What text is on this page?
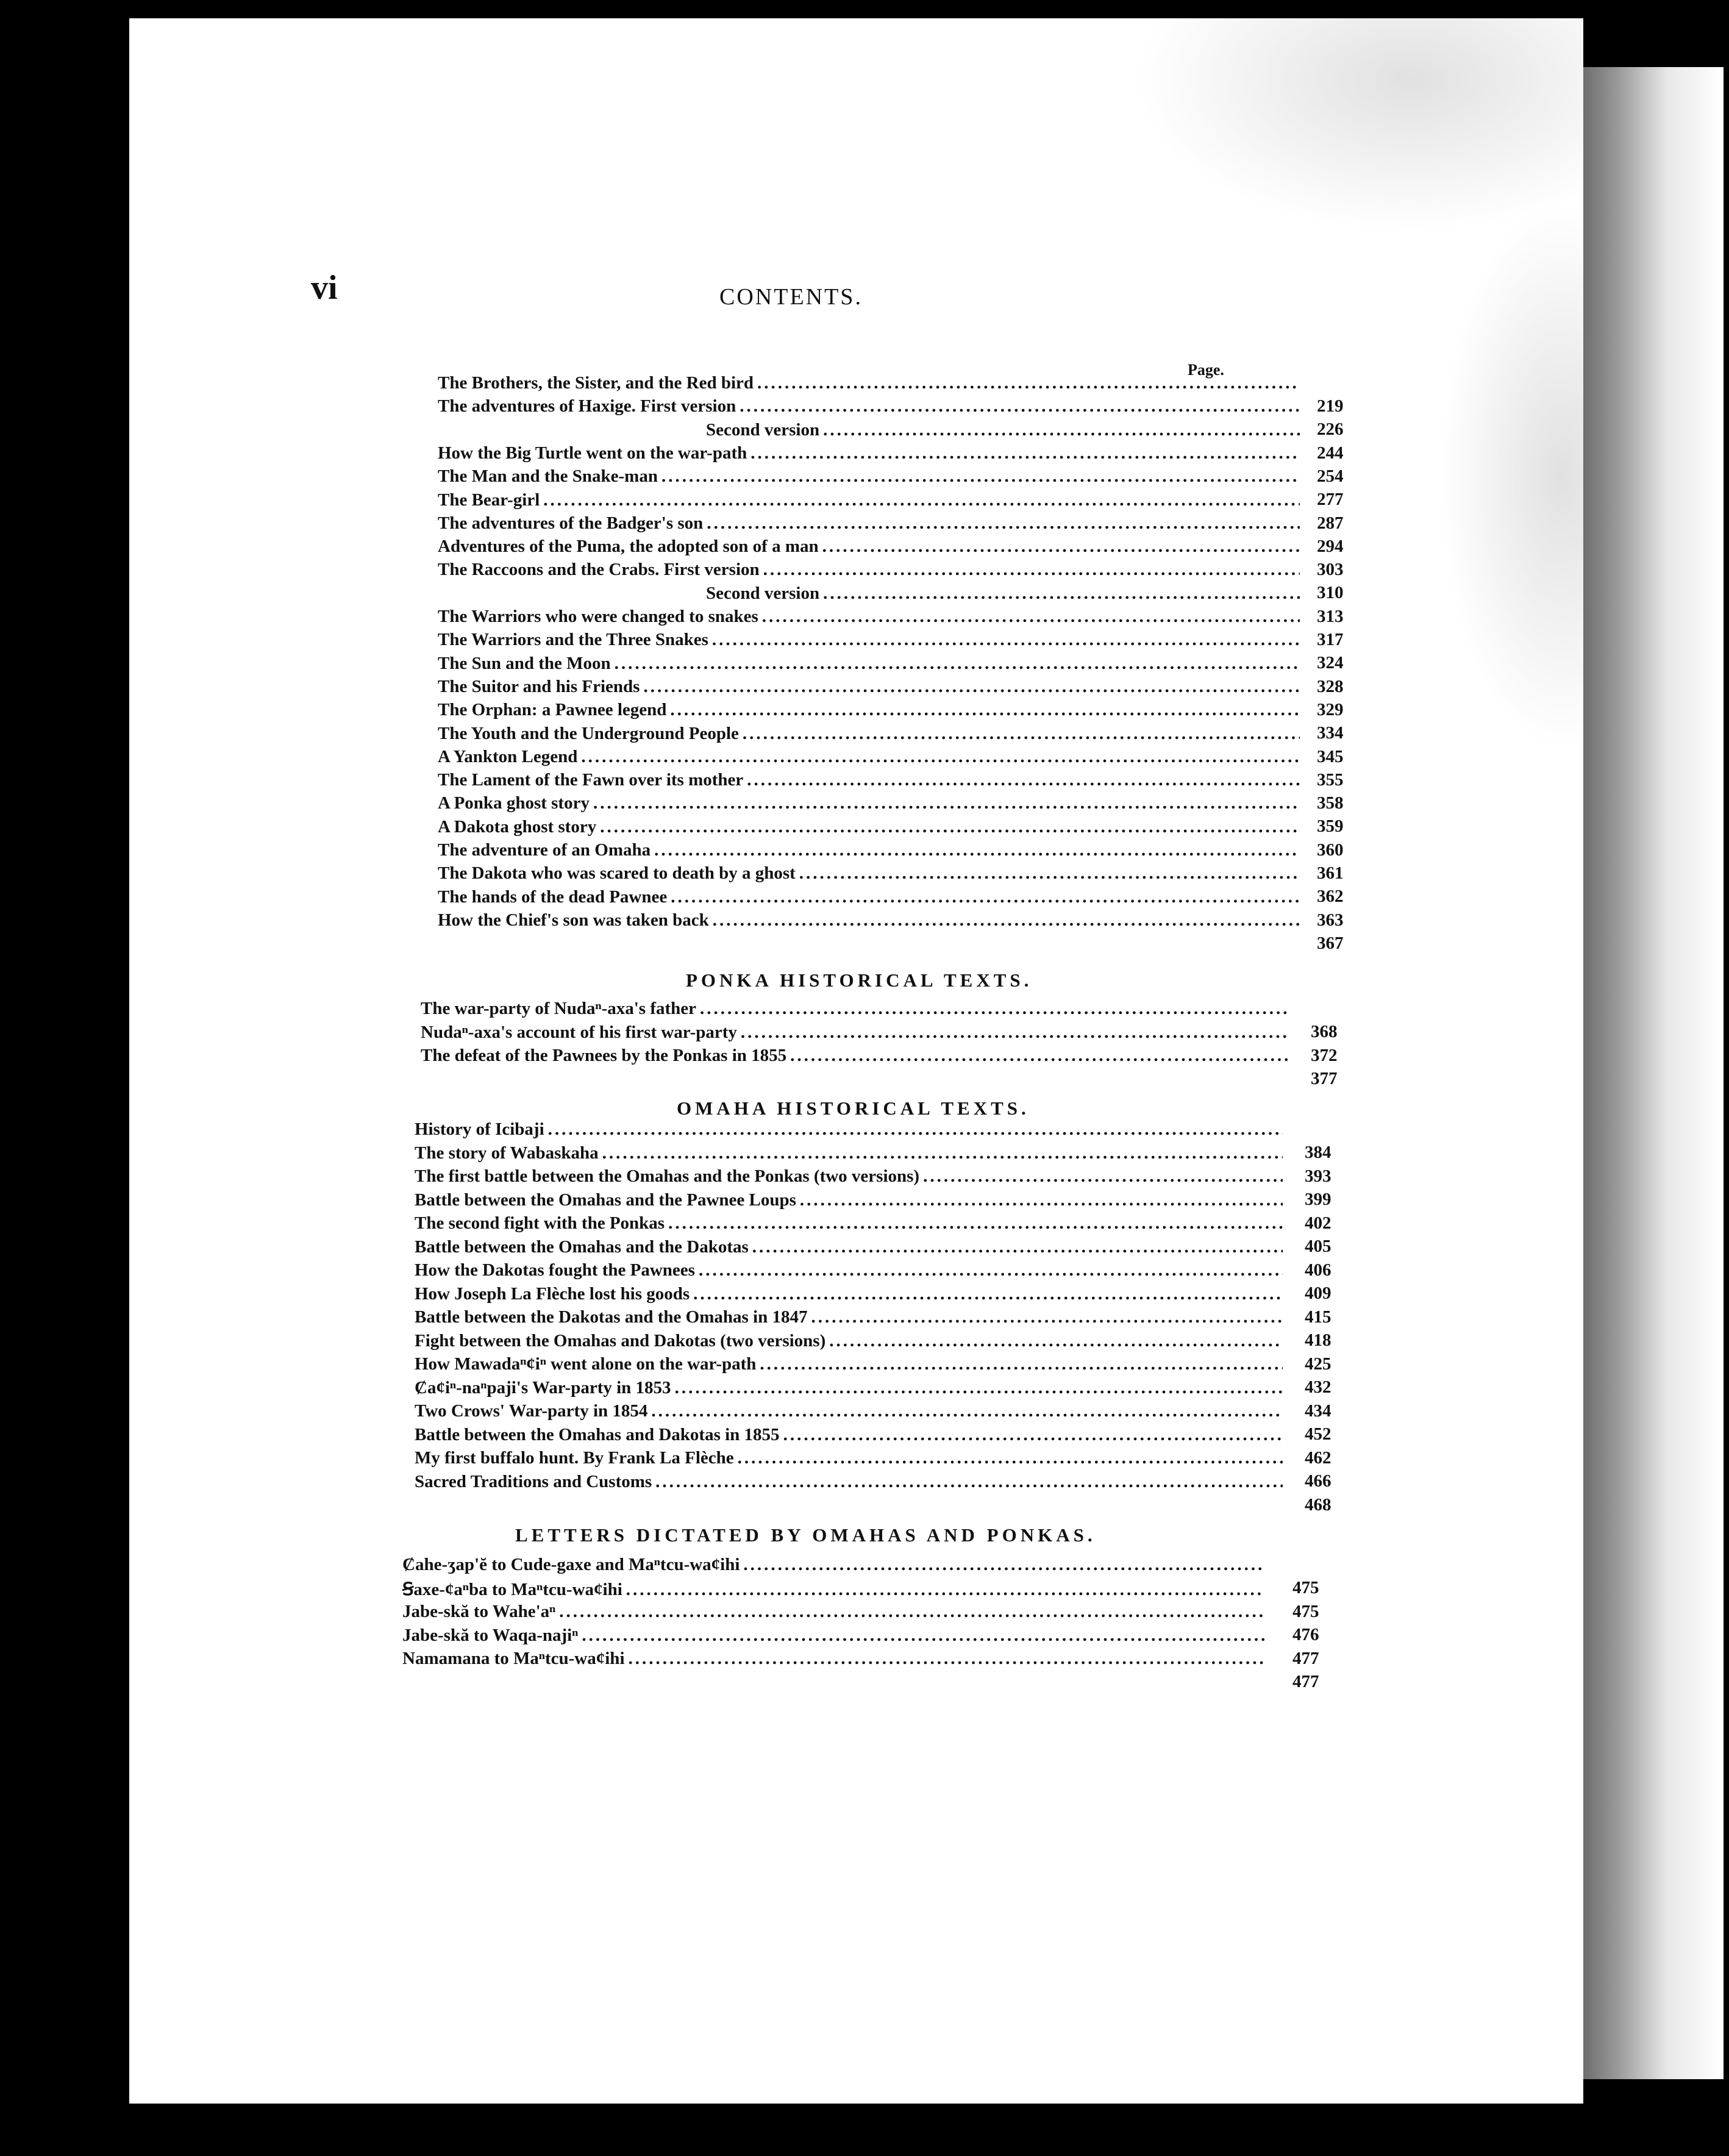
vi	CONTENTS.
Page.
The Brothers, the Sister, and the Red bird
.....
219
The adventures of Haxige. First version
.....
226
Second version
.....
244
How the Big Turtle went on the war-path
.....
254
The Man and the Snake-man
.....
277
The Bear-girl
.....
287
The adventures of the Badger's son
.....
294
Adventures of the Puma, the adopted son of a man
.....
303
The Raccoons and the Crabs. First version
.....
310
Second version
.....
313
The Warriors who were changed to snakes
.....
317
The Warriors and the Three Snakes
.....
324
The Sun and the Moon
.....
328
The Suitor and his Friends
.....
329
The Orphan: a Pawnee legend
.....
334
The Youth and the Underground People
.....
345
A Yankton Legend
.....
355
The Lament of the Fawn over its mother
.....
358
A Ponka ghost story
.....
359
A Dakota ghost story
.....
360
The adventure of an Omaha
.....
361
The Dakota who was scared to death by a ghost
.....
362
The hands of the dead Pawnee
.....
363
How the Chief's son was taken back
.....
367
The war-party of Nudaⁿ-axa's father
.....
368
Nudaⁿ-axa's account of his first war-party
.....
372
The defeat of the Pawnees by the Ponkas in 1855
.....
377
History of Icibaji
.....
384
The story of Wabaskaha
.....
393
The first battle between the Omahas and the Ponkas (two versions)
.....
399
Battle between the Omahas and the Pawnee Loups
.....
402
The second fight with the Ponkas
.....
405
Battle between the Omahas and the Dakotas
.....
406
How the Dakotas fought the Pawnees
.....
409
How Joseph La Flèche lost his goods
.....
415
Battle between the Dakotas and the Omahas in 1847
.....
418
Fight between the Omahas and Dakotas (two versions)
.....
425
How Mawadaⁿȼiⁿ went alone on the war-path
.....
432
Ȼaȼiⁿ-naⁿpaji's War-party in 1853
.....
434
Two Crows' War-party in 1854
.....
452
Battle between the Omahas and Dakotas in 1855
.....
462
My first buffalo hunt. By Frank La Flèche
.....
466
Sacred Traditions and Customs
.....
468
Ȼahe-ʒap'ĕ to Cude-gaxe and Maⁿtcu-waȼihi
.....
475
Ꞩaxe-ȼaⁿba to Maⁿtcu-waȼihi
.....
475
Jabe-skă to Wahe'aⁿ
.....
476
Jabe-skă to Waqa-najiⁿ
.....
477
Namamana to Maⁿtcu-waȼihi
.....
477
PONKA HISTORICAL TEXTS.
OMAHA HISTORICAL TEXTS.
LETTERS DICTATED BY OMAHAS AND PONKAS.
